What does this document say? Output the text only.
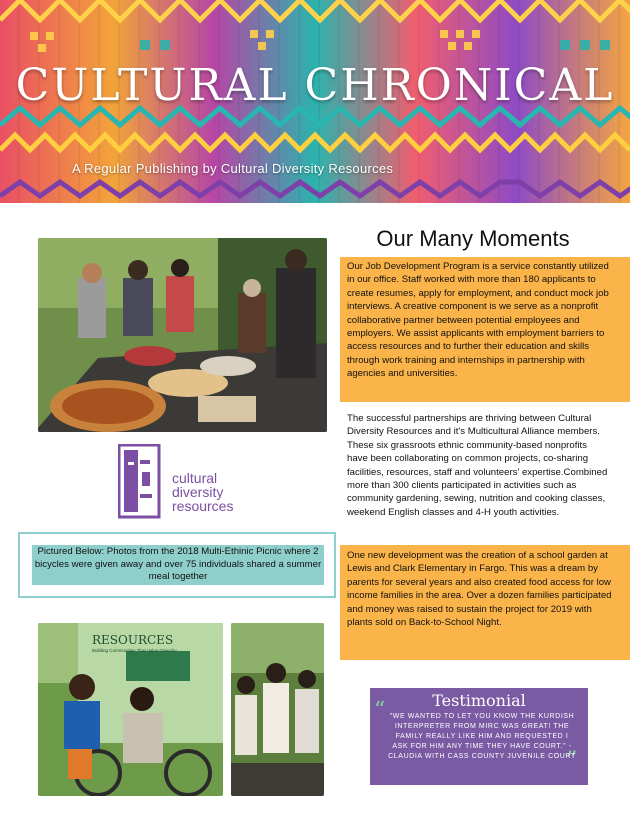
CULTURAL CHRONICAL
A Regular Publishing by Cultural Diversity Resources
Our Many Moments
Our Job Development Program is a service constantly utilized in our office. Staff worked with more than 180 applicants to create resumes, apply for employment, and conduct mock job interviews. A creative component is we serve as a nonprofit collaborative partner between potential employees and employers. We assist applicants with employment barriers to access resources and to further their education and skills through work training and internships in partnership with agencies and universities.
The successful partnerships are thriving between Cultural Diversity Resources and it's Multicultural Alliance members. These six grassroots ethnic community-based nonprofits have been collaborating on common projects, co-sharing facilities, resources, staff and volunteers' expertise.Combined more than 300 clients participated in activities such as community gardening, sewing, nutrition and cooking classes, weekend English classes and 4-H youth activities.
One new development was the creation of a school garden at Lewis and Clark Elementary in Fargo. This was a dream by parents for several years and also created food access for low income families in the area. Over a dozen families participated and money was raised to sustain the project for 2019 with plants sold on Back-to-School Night.
cultural
diversity
resources
Pictured Below: Photos from the 2018 Multi-Ethinic Picnic where 2 bicycles were given away and over 75 individuals shared a summer meal together
RESOURCES
Building Communities That Value Diversity
Testimonial
“
”
"WE WANTED TO LET YOU KNOW THE KURDISH INTERPRETER FROM MIRC WAS GREAT! THE FAMILY REALLY LIKE HIM AND REQUESTED I ASK FOR HIM ANY TIME THEY HAVE COURT." -CLAUDIA WITH CASS COUNTY JUVENILE COURT
